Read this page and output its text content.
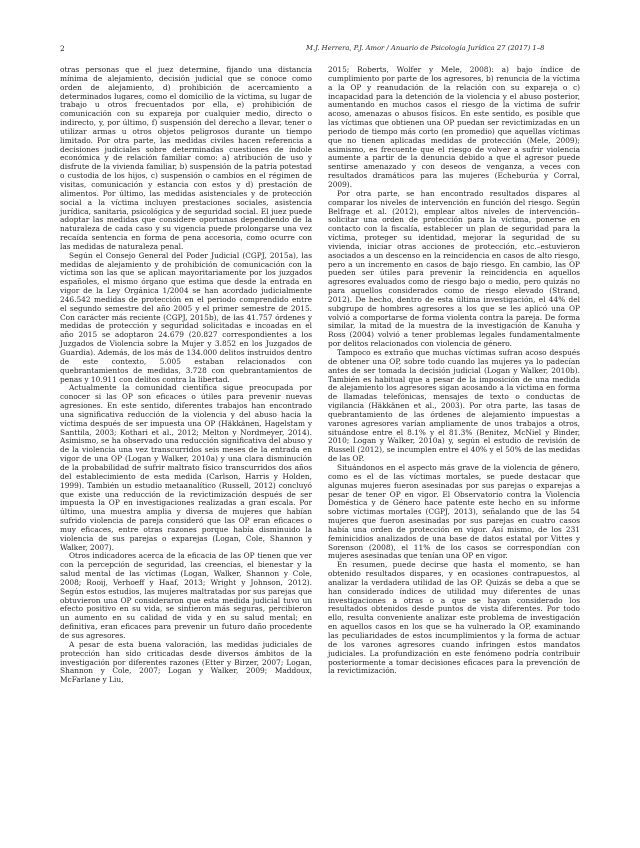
2	M.J. Herrera, P.J. Amor / Anuario de Psicología Jurídica 27 (2017) 1–8

otras personas que el juez determine, fijando una distancia mínima de alejamiento, decisión judicial que se conoce como orden de alejamiento, d) prohibición de acercamiento a determinados lugares, como el domicilio de la víctima, su lugar de trabajo u otros frecuentados por ella, e) prohibición de comunicación con su expareja por cualquier medio, directo o indirecto, y, por último, f) suspensión del derecho a llevar, tener o utilizar armas u otros objetos peligrosos durante un tiempo limitado. Por otra parte, las medidas civiles hacen referencia a decisiones judiciales sobre determinadas cuestiones de índole económica y de relación familiar como: a) atribución de uso y disfrute de la vivienda familiar, b) suspensión de la patria potestad o custodia de los hijos, c) suspensión o cambios en el régimen de visitas, comunicación y estancia con estos y d) prestación de alimentos. Por último, las medidas asistenciales y de protección social a la víctima incluyen prestaciones sociales, asistencia jurídica, sanitaria, psicológica y de seguridad social. El juez puede adoptar las medidas que considere oportunas dependiendo de la naturaleza de cada caso y su vigencia puede prolongarse una vez recaída sentencia en forma de pena accesoria, como ocurre con las medidas de naturaleza penal.

Según el Consejo General del Poder Judicial (CGPJ, 2015a), las medidas de alejamiento y de prohibición de comunicación con la víctima son las que se aplican mayoritariamente por los juzgados españoles, el mismo órgano que estima que desde la entrada en vigor de la Ley Orgánica 1/2004 se han acordado judicialmente 246.542 medidas de protección en el periodo comprendido entre el segundo semestre del año 2005 y el primer semestre de 2015. Con carácter más reciente (CGPJ, 2015b), de las 41.757 órdenes y medidas de protección y seguridad solicitadas e incoadas en el año 2015 se adoptaron 24.679 (20.827 correspondientes a los Juzgados de Violencia sobre la Mujer y 3.852 en los Juzgados de Guardia). Además, de los más de 134.000 delitos instruidos dentro de este contexto, 5.005 estaban relacionados con quebrantamientos de medidas, 3.728 con quebrantamientos de penas y 10.911 con delitos contra la libertad.

Actualmente la comunidad científica sigue preocupada por conocer si las OP son eficaces o útiles para prevenir nuevas agresiones. En este sentido, diferentes trabajos han encontrado una significativa reducción de la violencia y del abuso hacia la víctima después de ser impuesta una OP (Häkkänen, Hagelstam y Santtila, 2003; Kothari et al., 2012; Melton y Nordmeyer, 2014). Asimismo, se ha observado una reducción significativa del abuso y de la violencia una vez transcurridos seis meses de la entrada en vigor de una OP (Logan y Walker, 2010a) y una clara disminución de la probabilidad de sufrir maltrato físico transcurridos dos años del establecimiento de esta medida (Carlson, Harris y Holden, 1999). También un estudio metaanalítico (Russell, 2012) concluyó que existe una reducción de la revictimización después de ser impuesta la OP en investigaciones realizadas a gran escala. Por último, una muestra amplia y diversa de mujeres que habían sufrido violencia de pareja consideró que las OP eran eficaces o muy eficaces, entre otras razones porque había disminuido la violencia de sus parejas o exparejas (Logan, Cole, Shannon y Walker, 2007).

Otros indicadores acerca de la eficacia de las OP tienen que ver con la percepción de seguridad, las creencias, el bienestar y la salud mental de las víctimas (Logan, Walker, Shannon y Cole, 2008; Rooij, Verhoeff y Haaf, 2013; Wright y Johnson, 2012). Según estos estudios, las mujeres maltratadas por sus parejas que obtuvieron una OP consideraron que esta medida judicial tuvo un efecto positivo en su vida, se sintieron más seguras, percibieron un aumento en su calidad de vida y en su salud mental; en definitiva, eran eficaces para prevenir un futuro daño procedente de sus agresores.

A pesar de esta buena valoración, las medidas judiciales de protección han sido criticadas desde diversos ámbitos de la investigación por diferentes razones (Etter y Birzer, 2007; Logan, Shannon y Cole, 2007; Logan y Walker, 2009; Maddoux, McFarlane y Liu,

2015; Roberts, Wolfer y Mele, 2008): a) bajo índice de cumplimiento por parte de los agresores, b) renuncia de la víctima a la OP y reanudación de la relación con su expareja o c) incapacidad para la detención de la violencia y el abuso posterior, aumentando en muchos casos el riesgo de la víctima de sufrir acoso, amenazas o abusos físicos. En este sentido, es posible que las víctimas que obtienen una OP puedan ser revictimizadas en un periodo de tiempo más corto (en promedio) que aquellas víctimas que no tienen aplicadas medidas de protección (Mele, 2009); asimismo, es frecuente que el riesgo de volver a sufrir violencia aumente a partir de la denuncia debido a que el agresor puede sentirse amenazado y con deseos de venganza, a veces con resultados dramáticos para las mujeres (Echeburúa y Corral, 2009).

Por otra parte, se han encontrado resultados dispares al comparar los niveles de intervención en función del riesgo. Según Belfrage et al. (2012), emplear altos niveles de intervención–solicitar una orden de protección para la víctima, ponerse en contacto con la fiscalía, establecer un plan de seguridad para la víctima, proteger su identidad, mejorar la seguridad de su vivienda, iniciar otras acciones de protección, etc.–estuvieron asociados a un descenso en la reincidencia en casos de alto riesgo, pero a un incremento en casos de bajo riesgo. En cambio, las OP pueden ser útiles para prevenir la reincidencia en aquellos agresores evaluados como de riesgo bajo o medio, pero quizás no para aquellos considerados como de riesgo elevado (Strand, 2012). De hecho, dentro de esta última investigación, el 44% del subgrupo de hombres agresores a los que se les aplicó una OP volvió a comportarse de forma violenta contra la pareja. De forma similar, la mitad de la muestra de la investigación de Kanuha y Ross (2004) volvió a tener problemas legales fundamentalmente por delitos relacionados con violencia de género.

Tampoco es extraño que muchas víctimas sufran acoso después de obtener una OP, sobre todo cuando las mujeres ya lo padecían antes de ser tomada la decisión judicial (Logan y Walker, 2010b). También es habitual que a pesar de la imposición de una medida de alejamiento los agresores sigan acosando a la víctima en forma de llamadas telefónicas, mensajes de texto o conductas de vigilancia (Häkkänen et al., 2003). Por otra parte, las tasas de quebrantamiento de las órdenes de alejamiento impuestas a varones agresores varían ampliamente de unos trabajos a otros, situándose entre el 8.1% y el 81.3% (Benitez, McNiel y Binder, 2010; Logan y Walker, 2010a) y, según el estudio de revisión de Russell (2012), se incumplen entre el 40% y el 50% de las medidas de las OP.

Situándonos en el aspecto más grave de la violencia de género, como es el de las víctimas mortales, se puede destacar que algunas mujeres fueron asesinadas por sus parejas o exparejas a pesar de tener OP en vigor. El Observatorio contra la Violencia Doméstica y de Género hace patente este hecho en su informe sobre víctimas mortales (CGPJ, 2013), señalando que de las 54 mujeres que fueron asesinadas por sus parejas en cuatro casos había una orden de protección en vigor. Así mismo, de los 231 feminicidios analizados de una base de datos estatal por Vittes y Sorenson (2008), el 11% de los casos se correspondían con mujeres asesinadas que tenían una OP en vigor.

En resumen, puede decirse que hasta el momento, se han obtenido resultados dispares, y en ocasiones contrapuestos, al analizar la verdadera utilidad de las OP. Quizás se deba a que se han considerado índices de utilidad muy diferentes de unas investigaciones a otras o a que se hayan considerado los resultados obtenidos desde puntos de vista diferentes. Por todo ello, resulta conveniente analizar este problema de investigación en aquellos casos en los que se ha vulnerado la OP, examinando las peculiaridades de estos incumplimientos y la forma de actuar de los varones agresores cuando infringen estos mandatos judiciales. La profundización en este fenómeno podría contribuir posteriormente a tomar decisiones eficaces para la prevención de la revictimización.
